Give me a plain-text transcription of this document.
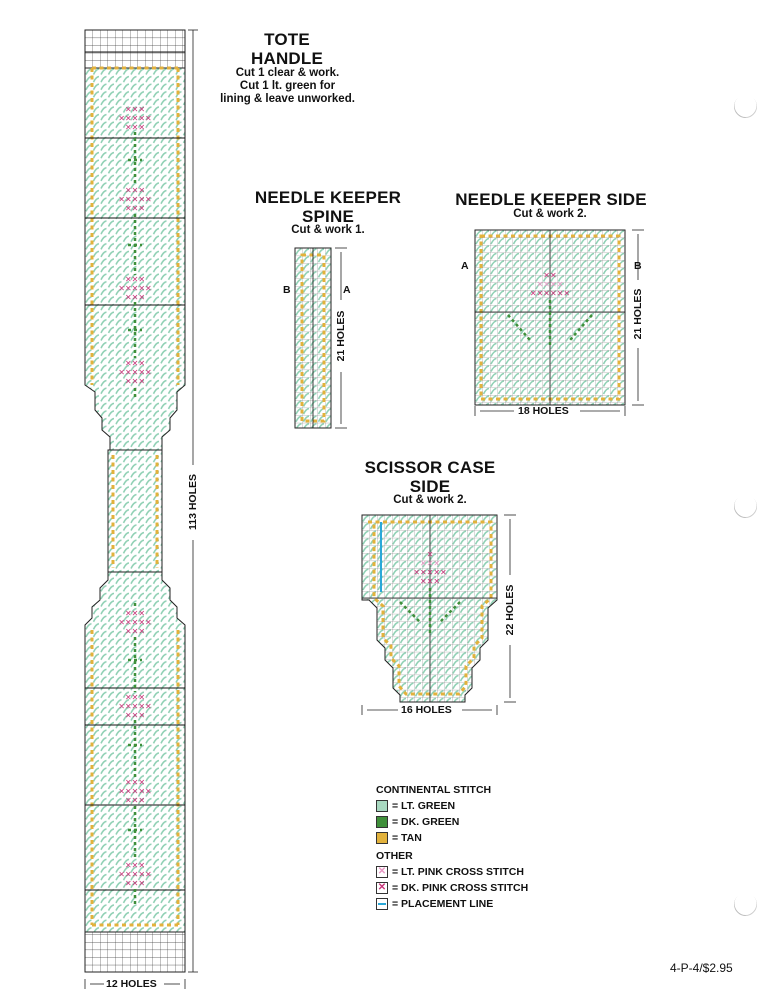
TOTE
HANDLE
Cut 1 clear & work.
Cut 1 lt. green for
lining & leave unworked.
✕✕✕
✕✕✕✕✕
✕✕✕
✕✕✕
✕✕✕✕✕
✕✕✕
✕✕✕
✕✕✕✕✕
✕✕✕
✕✕✕
✕✕✕✕✕
✕✕✕
✕✕✕
✕✕✕✕✕
✕✕✕
✕✕✕
✕✕✕✕✕
✕✕✕
✕✕✕
✕✕✕✕✕
✕✕✕
✕✕✕
✕✕✕✕✕
✕✕✕
✕✕
✕✕✕✕
✕✕✕✕✕✕
✕
✕✕✕
✕✕✕✕✕
✕✕✕
113 HOLES
12 HOLES
NEEDLE KEEPER
SPINE
Cut & work 1.
B	A
21 HOLES
NEEDLE KEEPER SIDE
Cut & work 2.
A	B
21 HOLES
18 HOLES
SCISSOR CASE
SIDE
Cut & work 2.
22 HOLES
16 HOLES
CONTINENTAL STITCH
= LT. GREEN
= DK. GREEN
= TAN
OTHER
✕ = LT. PINK CROSS STITCH
✕ = DK. PINK CROSS STITCH
= PLACEMENT LINE
4-P-4/$2.95
